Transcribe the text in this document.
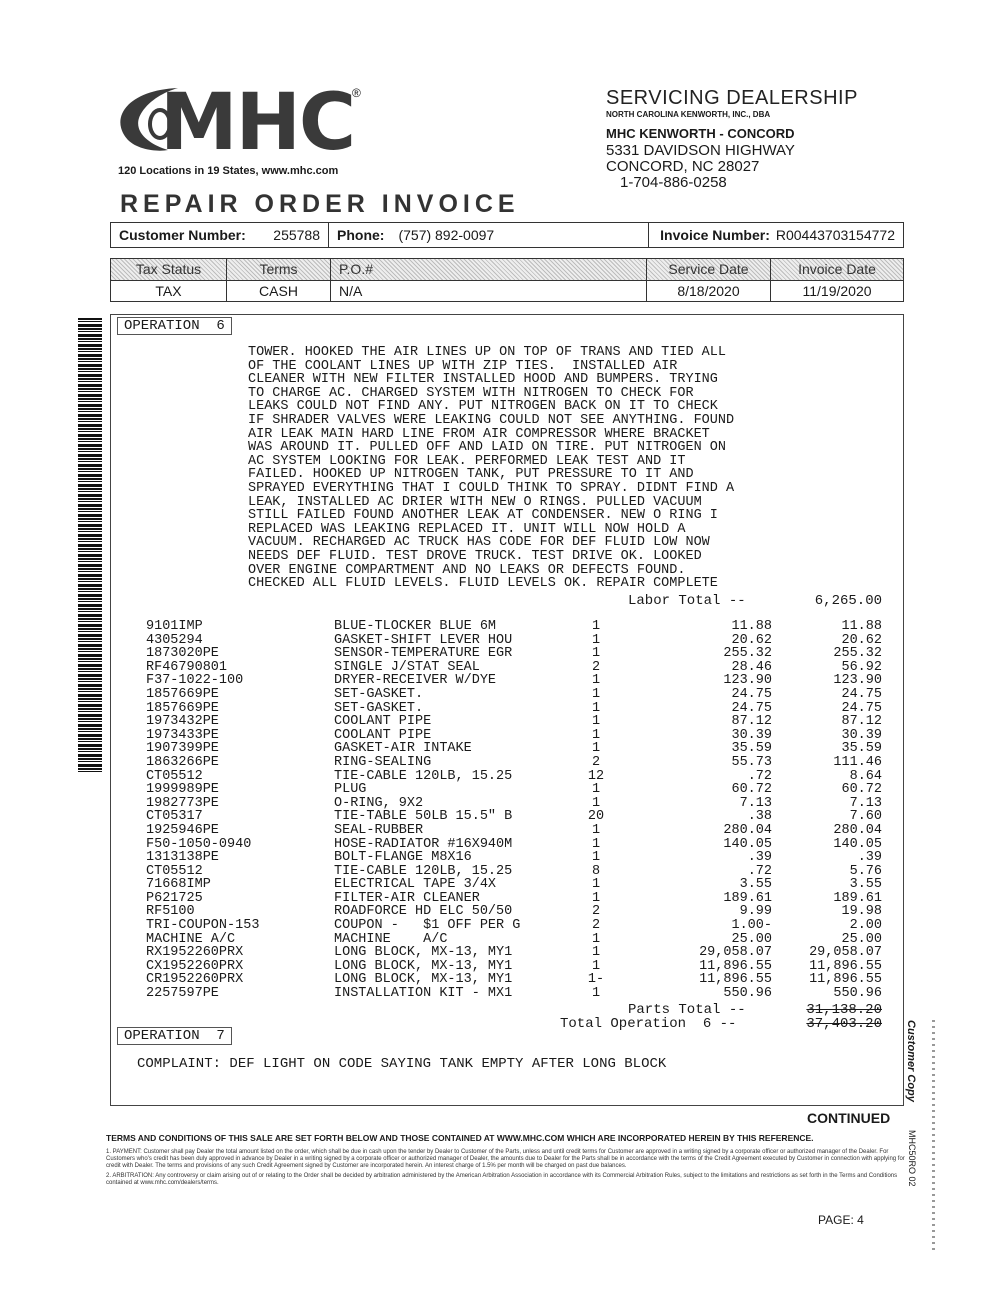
MHC
®
120 Locations in 19 States, www.mhc.com
REPAIR ORDER INVOICE
SERVICING DEALERSHIP
NORTH CAROLINA KENWORTH, INC., DBA
MHC KENWORTH - CONCORD
5331 DAVIDSON HIGHWAY
CONCORD, NC 28027
1-704-886-0258
Customer Number: 255788 Phone: (757) 892-0097	Invoice Number: R00443703154772
Tax Status	Terms	P.O.#	Service Date	Invoice Date
TAX	CASH	N/A	8/18/2020	11/19/2020
OPERATION  6
TOWER. HOOKED THE AIR LINES UP ON TOP OF TRANS AND TIED ALL
OF THE COOLANT LINES UP WITH ZIP TIES.  INSTALLED AIR
CLEANER WITH NEW FILTER INSTALLED HOOD AND BUMPERS. TRYING
TO CHARGE AC. CHARGED SYSTEM WITH NITROGEN TO CHECK FOR
LEAKS COULD NOT FIND ANY. PUT NITROGEN BACK ON IT TO CHECK
IF SHRADER VALVES WERE LEAKING COULD NOT SEE ANYTHING. FOUND
AIR LEAK MAIN HARD LINE FROM AIR COMPRESSOR WHERE BRACKET
WAS AROUND IT. PULLED OFF AND LAID ON TIRE. PUT NITROGEN ON
AC SYSTEM LOOKING FOR LEAK. PERFORMED LEAK TEST AND IT
FAILED. HOOKED UP NITROGEN TANK, PUT PRESSURE TO IT AND
SPRAYED EVERYTHING THAT I COULD THINK TO SPRAY. DIDNT FIND A
LEAK, INSTALLED AC DRIER WITH NEW O RINGS. PULLED VACUUM
STILL FAILED FOUND ANOTHER LEAK AT CONDENSER. NEW O RING I
REPLACED WAS LEAKING REPLACED IT. UNIT WILL NOW HOLD A
VACUUM. RECHARGED AC TRUCK HAS CODE FOR DEF FLUID LOW NOW
NEEDS DEF FLUID. TEST DROVE TRUCK. TEST DRIVE OK. LOOKED
OVER ENGINE COMPARTMENT AND NO LEAKS OR DEFECTS FOUND.
CHECKED ALL FLUID LEVELS. FLUID LEVELS OK. REPAIR COMPLETE
Labor Total --	6,265.00
9101IMP	BLUE-TLOCKER BLUE 6M	1	11.88	11.88
4305294	GASKET-SHIFT LEVER HOU	1	20.62	20.62
1873020PE	SENSOR-TEMPERATURE EGR	1	255.32	255.32
RF46790801	SINGLE J/STAT SEAL	2	28.46	56.92
F37-1022-100	DRYER-RECEIVER W/DYE	1	123.90	123.90
1857669PE	SET-GASKET.	1	24.75	24.75
1857669PE	SET-GASKET.	1	24.75	24.75
1973432PE	COOLANT PIPE	1	87.12	87.12
1973433PE	COOLANT PIPE	1	30.39	30.39
1907399PE	GASKET-AIR INTAKE	1	35.59	35.59
1863266PE	RING-SEALING	2	55.73	111.46
CT05512	TIE-CABLE 120LB, 15.25	12	.72	8.64
1999989PE	PLUG	1	60.72	60.72
1982773PE	O-RING, 9X2	1	7.13	7.13
CT05317	TIE-TABLE 50LB 15.5" B	20	.38	7.60
1925946PE	SEAL-RUBBER	1	280.04	280.04
F50-1050-0940	HOSE-RADIATOR #16X940M	1	140.05	140.05
1313138PE	BOLT-FLANGE M8X16	1	.39	.39
CT05512	TIE-CABLE 120LB, 15.25	8	.72	5.76
71668IMP	ELECTRICAL TAPE 3/4X	1	3.55	3.55
P621725	FILTER-AIR CLEANER	1	189.61	189.61
RF5100	ROADFORCE HD ELC 50/50	2	9.99	19.98
TRI-COUPON-153	COUPON -   $1 OFF PER G	2	1.00-	2.00
MACHINE A/C	MACHINE    A/C	1	25.00	25.00
RX1952260PRX	LONG BLOCK, MX-13, MY1	1	29,058.07	29,058.07
CX1952260PRX	LONG BLOCK, MX-13, MY1	1	11,896.55	11,896.55
CR1952260PRX	LONG BLOCK, MX-13, MY1	1-	11,896.55	11,896.55
2257597PE	INSTALLATION KIT - MX1	1	550.96	550.96
Parts Total --	31,138.20
Total Operation  6 --	37,403.20
OPERATION  7
COMPLAINT: DEF LIGHT ON CODE SAYING TANK EMPTY AFTER LONG BLOCK	Customer Copy
MHC50RO 02
CONTINUED
TERMS AND CONDITIONS OF THIS SALE ARE SET FORTH BELOW AND THOSE CONTAINED AT WWW.MHC.COM WHICH ARE INCORPORATED HEREIN BY THIS REFERENCE.

1. PAYMENT: Customer shall pay Dealer the total amount listed on the order, which shall be due in cash upon the tender by Dealer to Customer of the Parts, unless and until credit terms for Customer are approved in a writing signed by a corporate officer or authorized manager of the Dealer. For Customers who's credit has been duly approved in advance by Dealer in a writing signed by a corporate officer or authorized manager of Dealer, the amounts due to Dealer for the Parts shall be in accordance with the terms of the Credit Agreement executed by Customer in connection with applying for credit with Dealer. The terms and provisions of any such Credit Agreement signed by Customer are incorporated herein. An interest charge of 1.5% per month will be charged on past due balances.

2. ARBITRATION: Any controversy or claim arising out of or relating to the Order shall be decided by arbitration administered by the American Arbitration Association in accordance with its Commercial Arbitration Rules, subject to the limitations and restrictions as set forth in the Terms and Conditions contained at www.mhc.com/dealers/terms.

PAGE: 4
